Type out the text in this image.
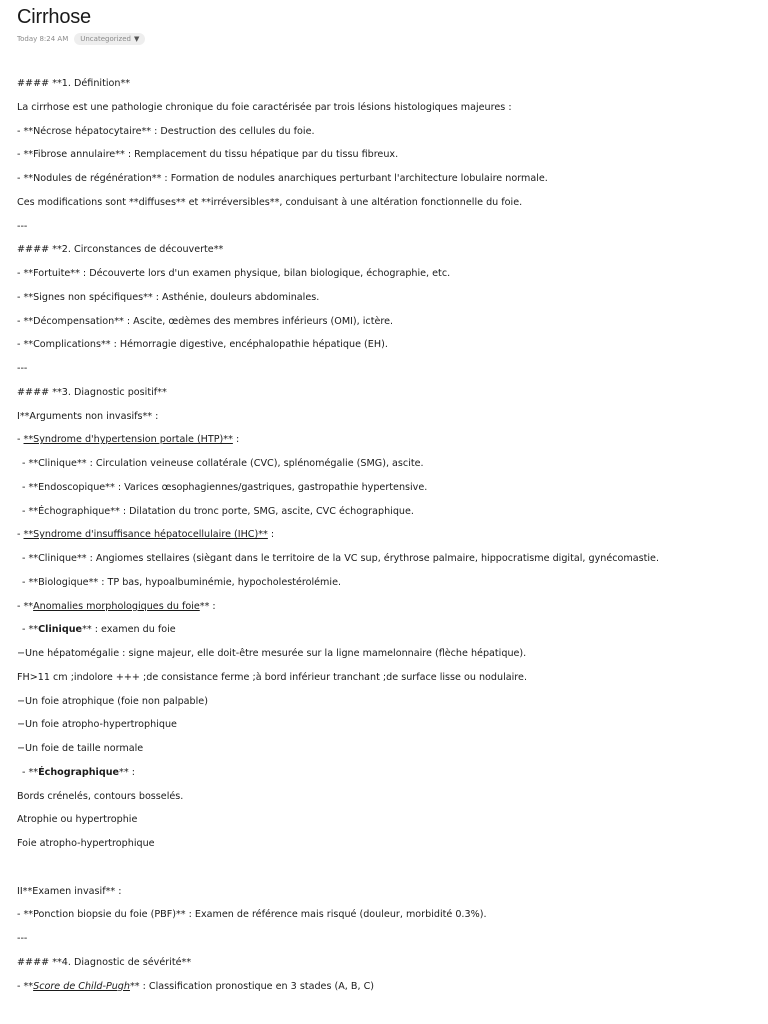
Cirrhose
Today 8:24 AM Uncategorized ▼
#### **1. Définition**
La cirrhose est une pathologie chronique du foie caractérisée par trois lésions histologiques majeures :
- **Nécrose hépatocytaire** : Destruction des cellules du foie.
- **Fibrose annulaire** : Remplacement du tissu hépatique par du tissu fibreux.
- **Nodules de régénération** : Formation de nodules anarchiques perturbant l'architecture lobulaire normale.
Ces modifications sont **diffuses** et **irréversibles**, conduisant à une altération fonctionnelle du foie.
---
#### **2. Circonstances de découverte**
- **Fortuite** : Découverte lors d'un examen physique, bilan biologique, échographie, etc.
- **Signes non spécifiques** : Asthénie, douleurs abdominales.
- **Décompensation** : Ascite, œdèmes des membres inférieurs (OMI), ictère.
- **Complications** : Hémorragie digestive, encéphalopathie hépatique (EH).
---
#### **3. Diagnostic positif**
I**Arguments non invasifs** :
- **Syndrome d'hypertension portale (HTP)** :
- **Clinique** : Circulation veineuse collatérale (CVC), splénomégalie (SMG), ascite.
- **Endoscopique** : Varices œsophagiennes/gastriques, gastropathie hypertensive.
- **Échographique** : Dilatation du tronc porte, SMG, ascite, CVC échographique.
- **Syndrome d'insuffisance hépatocellulaire (IHC)** :
- **Clinique** : Angiomes stellaires (siègant dans le territoire de la VC sup, érythrose palmaire, hippocratisme digital, gynécomastie.
- **Biologique** : TP bas, hypoalbuminémie, hypocholestérolémie.
- **Anomalies morphologiques du foie** :
- **Clinique** : examen du foie
−Une hépatomégalie : signe majeur, elle doit-être mesurée sur la ligne mamelonnaire (flèche hépatique).
FH>11 cm ;indolore +++ ;de consistance ferme ;à bord inférieur tranchant ;de surface lisse ou nodulaire.
−Un foie atrophique (foie non palpable)
−Un foie atropho-hypertrophique
−Un foie de taille normale
- **Échographique** :
Bords crénelés, contours bosselés.
Atrophie ou hypertrophie
Foie atropho-hypertrophique
II**Examen invasif** :
- **Ponction biopsie du foie (PBF)** : Examen de référence mais risqué (douleur, morbidité 0.3%).
---
#### **4. Diagnostic de sévérité**
- **Score de Child-Pugh** : Classification pronostique en 3 stades (A, B, C)
